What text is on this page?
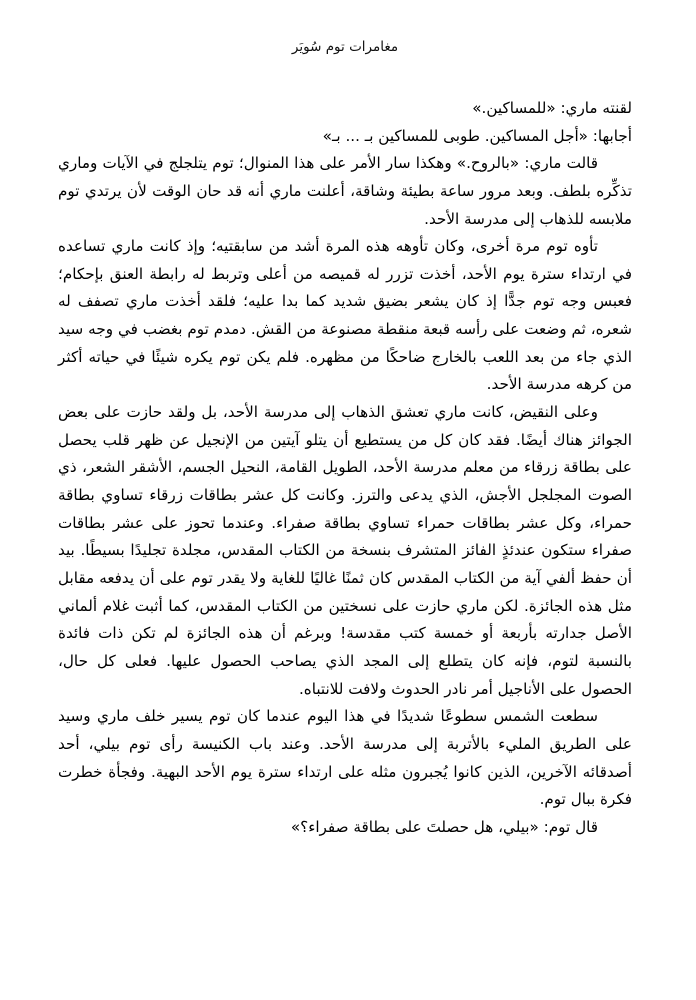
مغامرات توم سُويَر

لقنته ماري: «للمساكين.»

أجابها: «أجل المساكين. طوبى للمساكين بـ ... بـ»

قالت ماري: «بالروح.» وهكذا سار الأمر على هذا المنوال؛ توم يتلجلج في الآيات وماري تذكِّره بلطف. وبعد مرور ساعة بطيئة وشاقة، أعلنت ماري أنه قد حان الوقت لأن يرتدي توم ملابسه للذهاب إلى مدرسة الأحد.

تأوه توم مرة أخرى، وكان تأوهه هذه المرة أشد من سابقتيه؛ وإذ كانت ماري تساعده في ارتداء سترة يوم الأحد، أخذت تزرر له قميصه من أعلى وتربط له رابطة العنق بإحكام؛ فعبس وجه توم جدًّا إذ كان يشعر بضيق شديد كما بدا عليه؛ فلقد أخذت ماري تصفف له شعره، ثم وضعت على رأسه قبعة منقطة مصنوعة من القش. دمدم توم بغضب في وجه سيد الذي جاء من بعد اللعب بالخارج ضاحكًا من مظهره. فلم يكن توم يكره شيئًا في حياته أكثر من كرهه مدرسة الأحد.

وعلى النقيض، كانت ماري تعشق الذهاب إلى مدرسة الأحد، بل ولقد حازت على بعض الجوائز هناك أيضًا. فقد كان كل من يستطيع أن يتلو آيتين من الإنجيل عن ظهر قلب يحصل على بطاقة زرقاء من معلم مدرسة الأحد، الطويل القامة، النحيل الجسم، الأشقر الشعر، ذي الصوت المجلجل الأجش، الذي يدعى والترز. وكانت كل عشر بطاقات زرقاء تساوي بطاقة حمراء، وكل عشر بطاقات حمراء تساوي بطاقة صفراء. وعندما تحوز على عشر بطاقات صفراء ستكون عندئذٍ الفائز المتشرف بنسخة من الكتاب المقدس، مجلدة تجليدًا بسيطًا. بيد أن حفظ ألفي آية من الكتاب المقدس كان ثمنًا غاليًا للغاية ولا يقدر توم على أن يدفعه مقابل مثل هذه الجائزة. لكن ماري حازت على نسختين من الكتاب المقدس، كما أثبت غلام ألماني الأصل جدارته بأربعة أو خمسة كتب مقدسة! وبرغم أن هذه الجائزة لم تكن ذات فائدة بالنسبة لتوم، فإنه كان يتطلع إلى المجد الذي يصاحب الحصول عليها. فعلى كل حال، الحصول على الأناجيل أمر نادر الحدوث ولافت للانتباه.

سطعت الشمس سطوعًا شديدًا في هذا اليوم عندما كان توم يسير خلف ماري وسيد على الطريق المليء بالأتربة إلى مدرسة الأحد. وعند باب الكنيسة رأى توم بيلي، أحد أصدقائه الآخرين، الذين كانوا يُجبرون مثله على ارتداء سترة يوم الأحد البهية. وفجأة خطرت فكرة ببال توم.

قال توم: «بيلي، هل حصلتَ على بطاقة صفراء؟»
